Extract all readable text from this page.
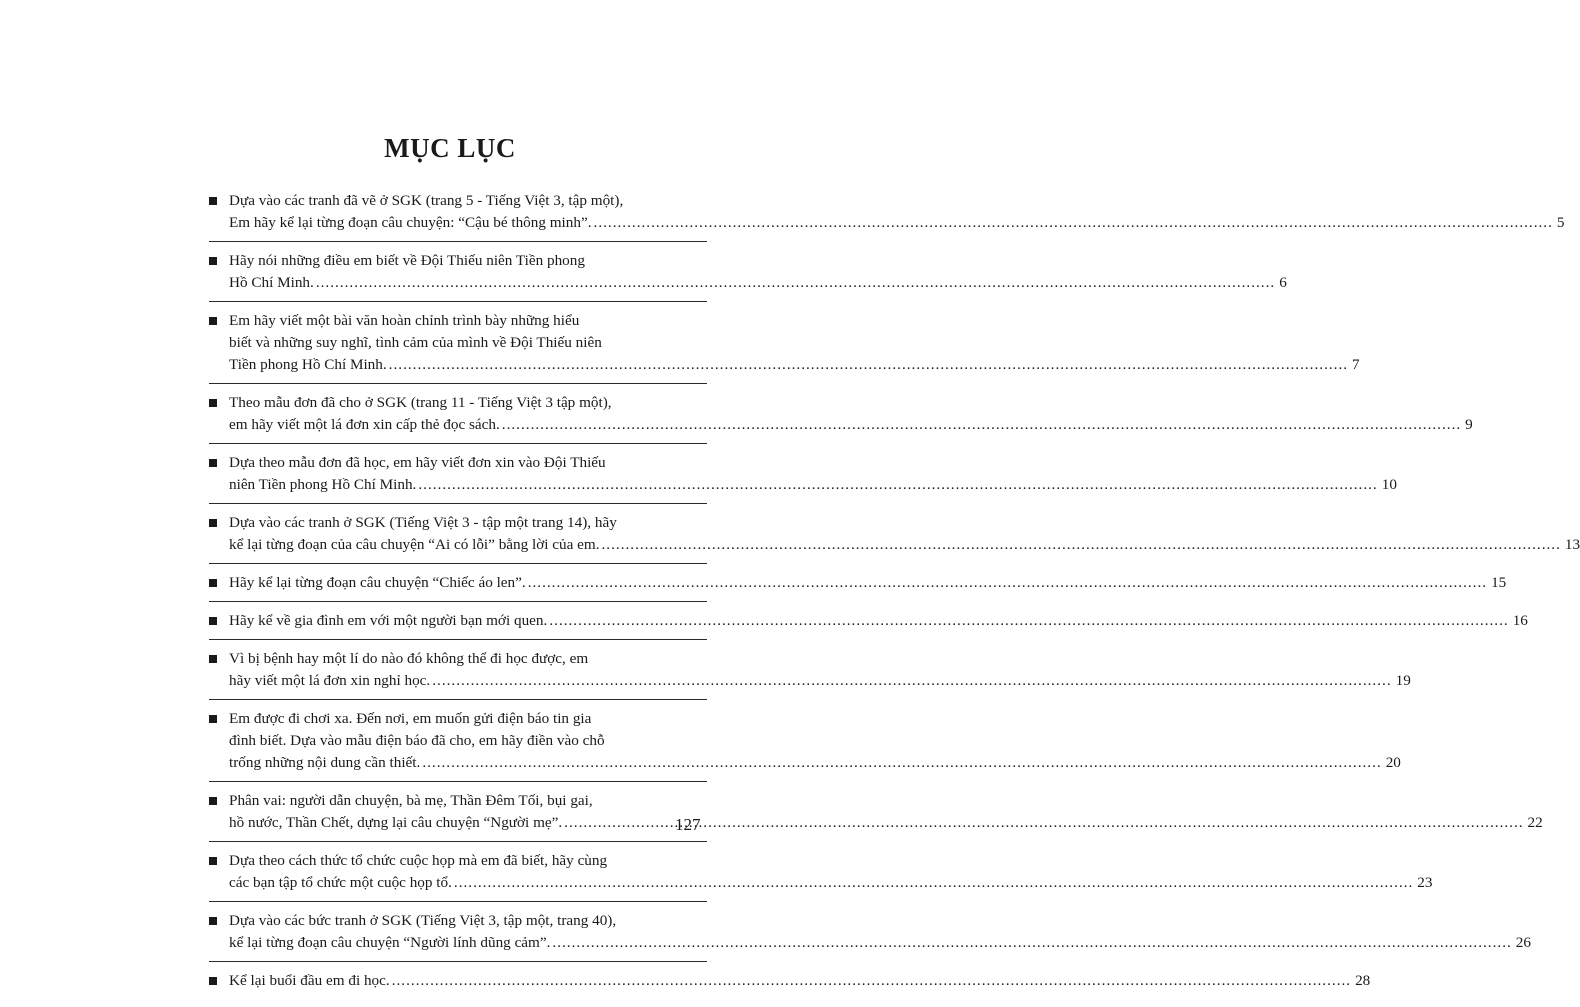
MỤC LỤC
Dựa vào các tranh đã vẽ ở SGK (trang 5 - Tiếng Việt 3, tập một),
Em hãy kể lại từng đoạn câu chuyện: “Cậu bé thông minh”. .....	5
Hãy nói những điều em biết về Đội Thiếu niên Tiền phong
Hồ Chí Minh. .....	6
Em hãy viết một bài văn hoàn chỉnh trình bày những hiểu
biết và những suy nghĩ, tình cảm của mình về Đội Thiếu niên
Tiền phong Hồ Chí Minh. .....	7
Theo mẫu đơn đã cho ở SGK (trang 11 - Tiếng Việt 3 tập một),
em hãy viết một lá đơn xin cấp thẻ đọc sách. .....	9
Dựa theo mẫu đơn đã học, em hãy viết đơn xin vào Đội Thiếu
niên Tiền phong Hồ Chí Minh. .....	10
Dựa vào các tranh ở SGK (Tiếng Việt 3 - tập một trang 14), hãy
kể lại từng đoạn của câu chuyện “Ai có lỗi” bằng lời của em. .....	13
Hãy kể lại từng đoạn câu chuyện “Chiếc áo len”. .....	15
Hãy kể về gia đình em với một người bạn mới quen. .....	16
Vì bị bệnh hay một lí do nào đó không thể đi học được, em
hãy viết một lá đơn xin nghỉ học. .....	19
Em được đi chơi xa. Đến nơi, em muốn gửi điện báo tin gia
đình biết. Dựa vào mẫu điện báo đã cho, em hãy điền vào chỗ
trống những nội dung cần thiết. .....	20
Phân vai: người dẫn chuyện, bà mẹ, Thần Đêm Tối, bụi gai,
hồ nước, Thần Chết, dựng lại câu chuyện “Người mẹ”. .....	22
Dựa theo cách thức tổ chức cuộc họp mà em đã biết, hãy cùng
các bạn tập tổ chức một cuộc họp tổ. .....	23
Dựa vào các bức tranh ở SGK (Tiếng Việt 3, tập một, trang 40),
kể lại từng đoạn câu chuyện “Người lính dũng cảm”. .....	26
Kể lại buổi đầu em đi học. .....	28
127
